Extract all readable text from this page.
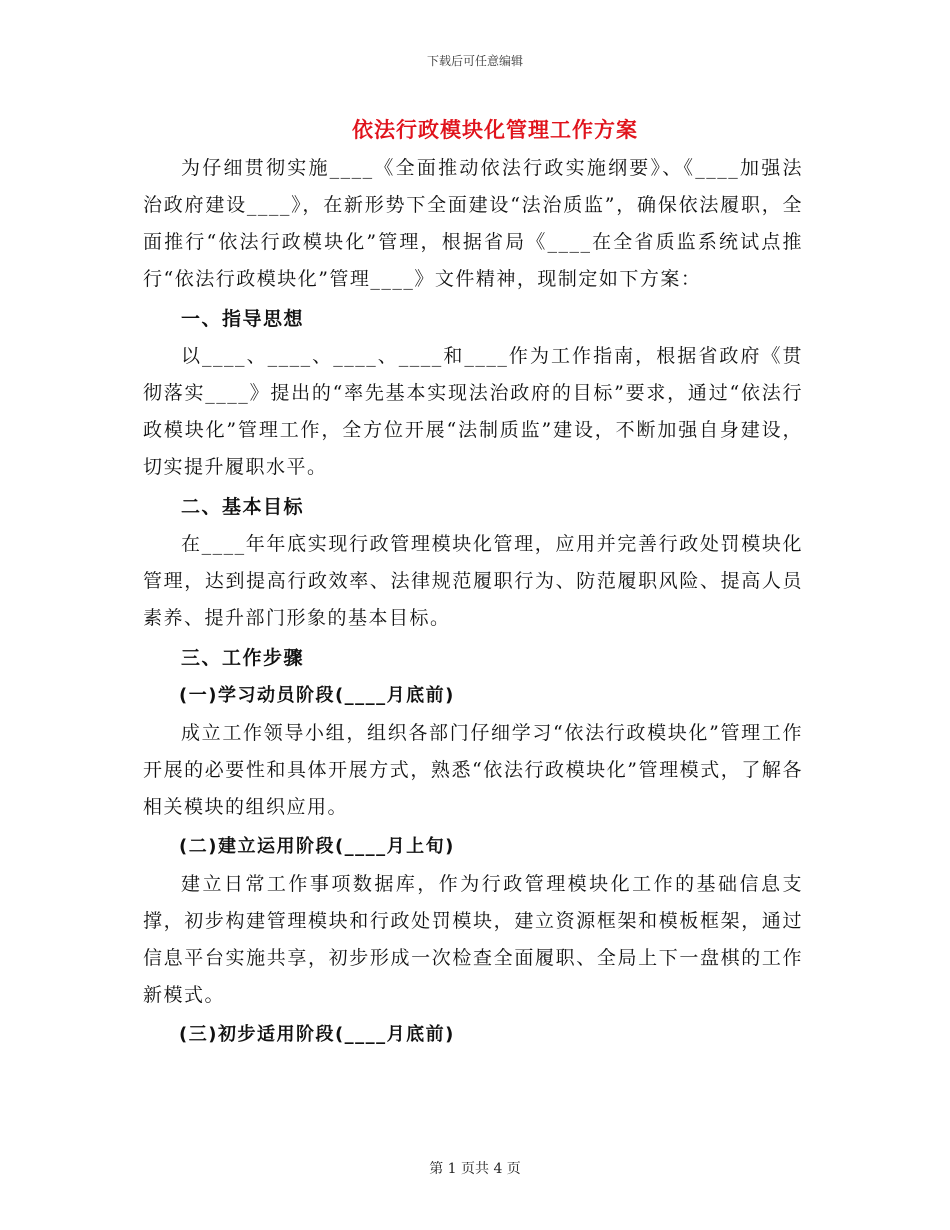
下载后可任意编辑
依法行政模块化管理工作方案

为仔细贯彻实施____《全面推动依法行政实施纲要》、《____加强法治政府建设____》，在新形势下全面建设“法治质监”，确保依法履职，全面推行“依法行政模块化”管理，根据省局《____在全省质监系统试点推行“依法行政模块化”管理____》文件精神，现制定如下方案：

一、指导思想

以____、____、____、____和____作为工作指南，根据省政府《贯彻落实____》提出的“率先基本实现法治政府的目标”要求，通过“依法行政模块化”管理工作，全方位开展“法制质监”建设，不断加强自身建设，切实提升履职水平。

二、基本目标

在____年年底实现行政管理模块化管理，应用并完善行政处罚模块化管理，达到提高行政效率、法律规范履职行为、防范履职风险、提高人员素养、提升部门形象的基本目标。

三、工作步骤

(一)学习动员阶段(____月底前)

成立工作领导小组，组织各部门仔细学习“依法行政模块化”管理工作开展的必要性和具体开展方式，熟悉“依法行政模块化”管理模式，了解各相关模块的组织应用。

(二)建立运用阶段(____月上旬)

建立日常工作事项数据库，作为行政管理模块化工作的基础信息支撑，初步构建管理模块和行政处罚模块，建立资源框架和模板框架，通过信息平台实施共享，初步形成一次检查全面履职、全局上下一盘棋的工作新模式。

(三)初步适用阶段(____月底前)

第 1 页共 4 页
